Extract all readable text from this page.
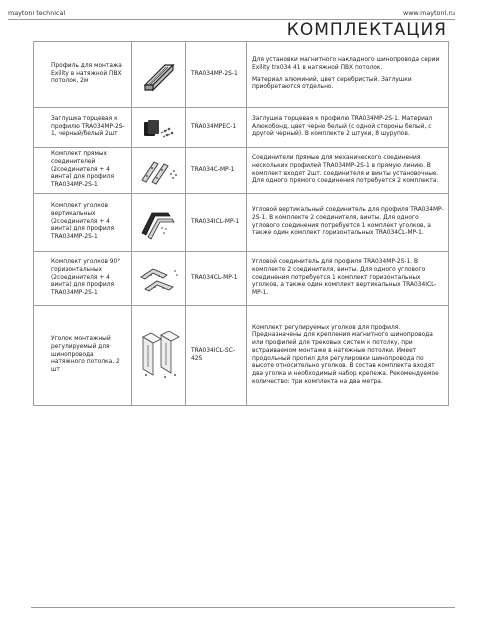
maytoni technical	www.maytoni.ru
КОМПЛЕКТАЦИЯ
Профиль для монтажа Exility в натяжной ПВХ потолок, 2м		TRA034MP-2S-1	Для установки магнитного накладного шинопровода серии Exility trx034 41 в натяжной ПВХ потолок.

Материал алюминий, цвет серебристый. Заглушки приобретаются отдельно.

Заглушка торцевая к профилю TRA034MP-2S-1, черный/белый 2шт		TRA034MPEC-1	Заглушка торцевая к профилю TRA034MP-2S-1. Материал Алюкобонд, цвет черно белый (с одной стороны белый, с другой черный). В комплекте 2 штуки, 8 шурупов.

Комплект прямых соединителей (2соединителя + 4 винта) для профиля TRA034MP-2S-1		TRA034C-MP-1	Соединители прямые для механического соединения нескольких профилей TRA034MP-2S-1 в прямую линию. В комплект входят 2шт. соединителя и винты установочные. Для одного прямого соединения потребуется 2 комплекта.

Комплект уголков вертикальных (2соединителя + 4 винта) для профиля TRA034MP-2S-1		TRA034ICL-MP-1	Угловой вертикальный соединитель для профиля TRA034MP-2S-1. В комплекте 2 соединителя, винты. Для одного углового соединения потребуется 1 комплект уголков, а также один комплект горизонтальных TRA034CL-MP-1.

Комплект уголков 90° горизонтальных (2соединителя + 4 винта) для профиля TRA034MP-2S-1		TRA034CL-MP-1	Угловой соединитель для профиля TRA034MP-2S-1. В комплекте 2 соединителя, винты. Для одного углового соединения потребуется 1 комплект горизонтальных уголков, а также один комплект вертикальных TRA034ICL-MP-1.

Уголок монтажный регулируемый для шинопровода натяжного потолка, 2 шт		TRA034ICL-SC-42S	Комплект регулируемых уголков для профиля. Предназначены для крепления магнитного шинопровода или профилей для трековых систем к потолку, при встраиваемом монтаже в натяжные потолки. Имеет продольный пропил для регулировки шинопровода по высоте относительно уголков. В состав комплекта входят два уголка и необходимый набор крепежа. Рекомендуемое количество: три комплекта на два метра.
